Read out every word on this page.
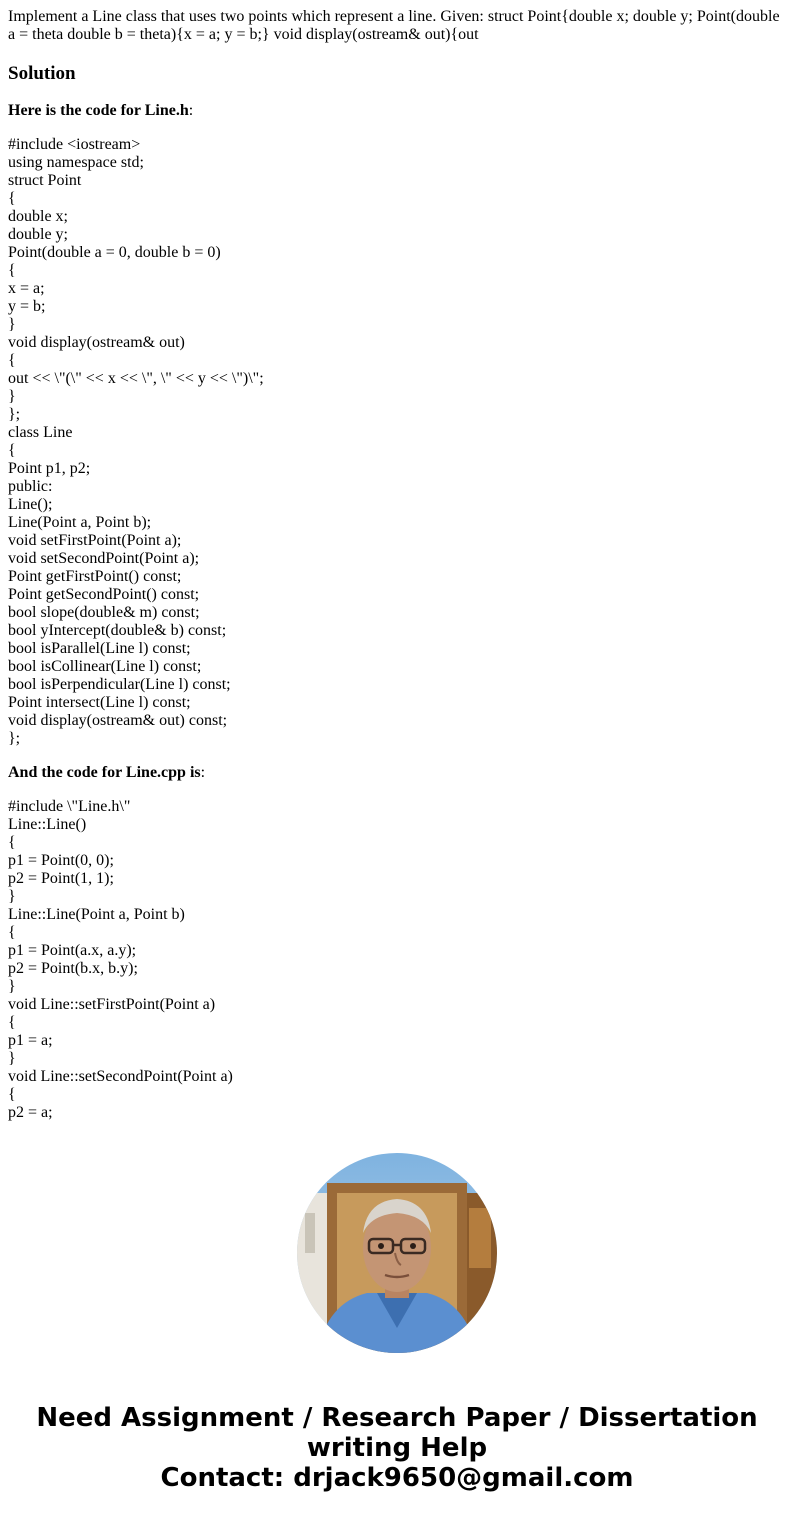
Implement a Line class that uses two points which represent a line. Given: struct Point{double x; double y; Point(double a = theta double b = theta){x = a; y = b;} void display(ostream& out){out

Solution

Here is the code for Line.h:

#include <iostream>
using namespace std;
struct Point
{
double x;
double y;
Point(double a = 0, double b = 0)
{
x = a;
y = b;
}
void display(ostream& out)
{
out << \"(\" << x << \", \" << y << \")\";
}
};
class Line
{
Point p1, p2;
public:
Line();
Line(Point a, Point b);
void setFirstPoint(Point a);
void setSecondPoint(Point a);
Point getFirstPoint() const;
Point getSecondPoint() const;
bool slope(double& m) const;
bool yIntercept(double& b) const;
bool isParallel(Line l) const;
bool isCollinear(Line l) const;
bool isPerpendicular(Line l) const;
Point intersect(Line l) const;
void display(ostream& out) const;
};

And the code for Line.cpp is:

#include \"Line.h\"
Line::Line()
{
p1 = Point(0, 0);
p2 = Point(1, 1);
}
Line::Line(Point a, Point b)
{
p1 = Point(a.x, a.y);
p2 = Point(b.x, b.y);
}
void Line::setFirstPoint(Point a)
{
p1 = a;
}
void Line::setSecondPoint(Point a)
{
p2 = a;

Need Assignment / Research Paper / Dissertation
writing Help
Contact: drjack9650@gmail.com
